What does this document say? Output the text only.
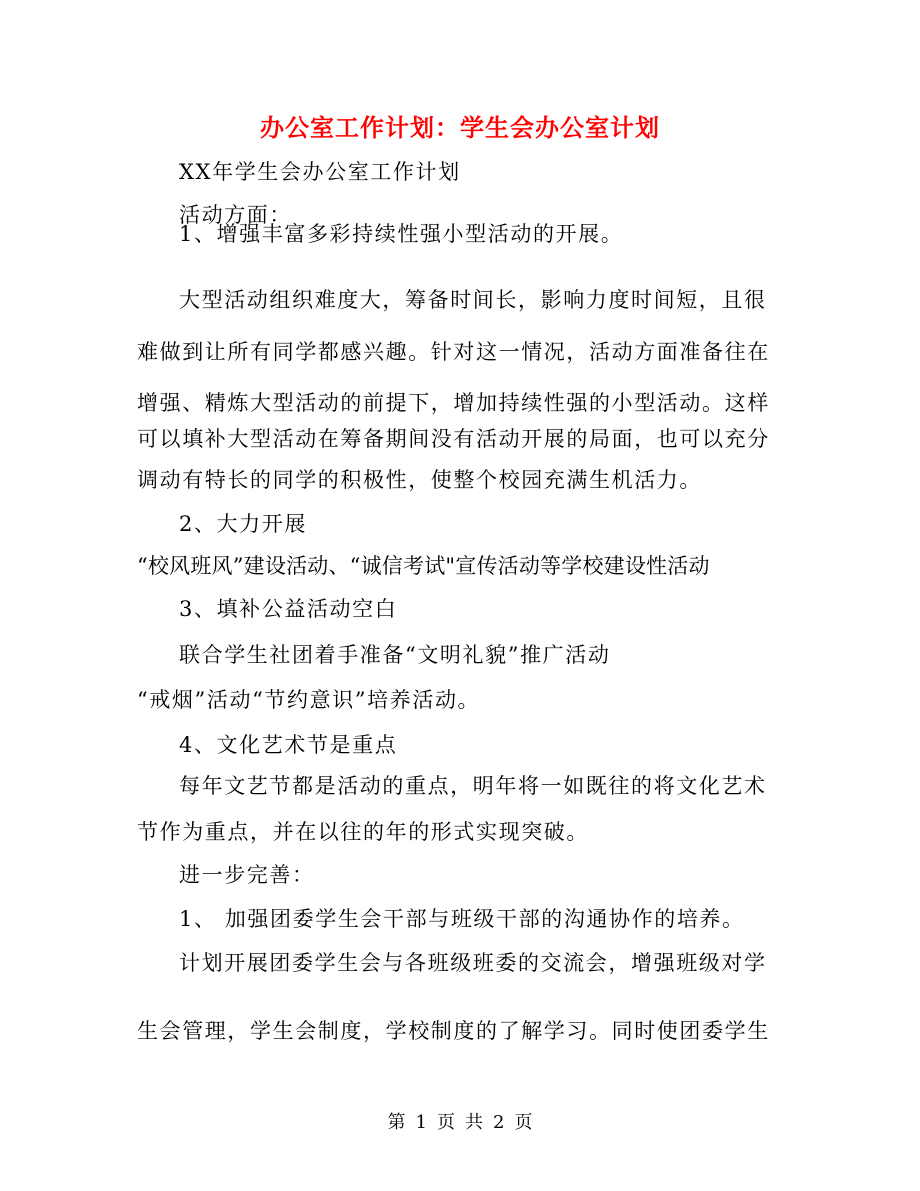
办公室工作计划：学生会办公室计划
XX年学生会办公室工作计划
活动方面：
1、增强丰富多彩持续性强小型活动的开展。
大型活动组织难度大，筹备时间长，影响力度时间短，且很
难做到让所有同学都感兴趣。针对这一情况，活动方面准备往在
增强、精炼大型活动的前提下，增加持续性强的小型活动。这样
可以填补大型活动在筹备期间没有活动开展的局面，也可以充分
调动有特长的同学的积极性，使整个校园充满生机活力。
2、大力开展
“校风班风”建设活动、“诚信考试"宣传活动等学校建设性活动
3、填补公益活动空白
联合学生社团着手准备“文明礼貌”推广活动
“戒烟”活动“节约意识”培养活动。
4、文化艺术节是重点
每年文艺节都是活动的重点，明年将一如既往的将文化艺术
节作为重点，并在以往的年的形式实现突破。
进一步完善：
1、 加强团委学生会干部与班级干部的沟通协作的培养。
计划开展团委学生会与各班级班委的交流会，增强班级对学
生会管理，学生会制度，学校制度的了解学习。同时使团委学生
第 1 页 共 2 页
